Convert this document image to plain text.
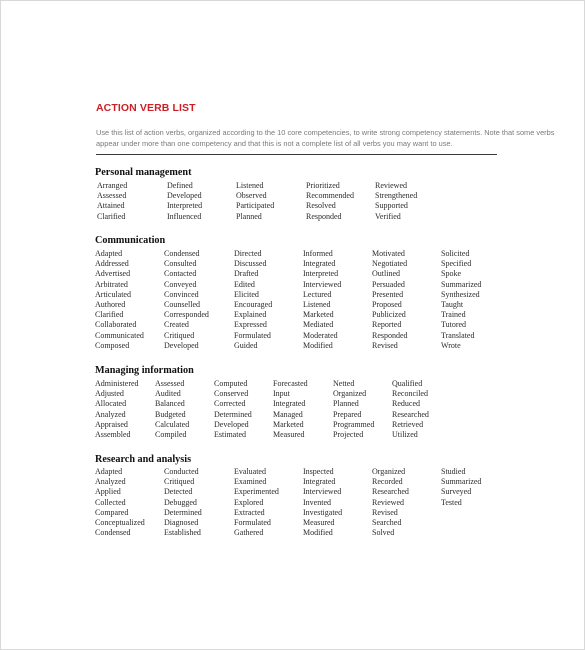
ACTION VERB LIST
Use this list of action verbs, organized according to the 10 core competencies, to write strong competency statements. Note that some verbs
appear under more than one competency and that this is not a complete list of all verbs you may want to use.
Personal management
Arranged
Assessed
Attained
Clarified
Defined
Developed
Interpreted
Influenced
Listened
Observed
Participated
Planned
Prioritized
Recommended
Resolved
Responded
Reviewed
Strengthened
Supported
Verified
Communication
Adapted
Addressed
Advertised
Arbitrated
Articulated
Authored
Clarified
Collaborated
Communicated
Composed
Condensed
Consulted
Contacted
Conveyed
Convinced
Counselled
Corresponded
Created
Critiqued
Developed
Directed
Discussed
Drafted
Edited
Elicited
Encouraged
Explained
Expressed
Formulated
Guided
Informed
Integrated
Interpreted
Interviewed
Lectured
Listened
Marketed
Mediated
Moderated
Modified
Motivated
Negotiated
Outlined
Persuaded
Presented
Proposed
Publicized
Reported
Responded
Revised
Solicited
Specified
Spoke
Summarized
Synthesized
Taught
Trained
Tutored
Translated
Wrote
Managing information
Administered
Adjusted
Allocated
Analyzed
Appraised
Assembled
Assessed
Audited
Balanced
Budgeted
Calculated
Compiled
Computed
Conserved
Corrected
Determined
Developed
Estimated
Forecasted
Input
Integrated
Managed
Marketed
Measured
Netted
Organized
Planned
Prepared
Programmed
Projected
Qualified
Reconciled
Reduced
Researched
Retrieved
Utilized
Research and analysis
Adapted
Analyzed
Applied
Collected
Compared
Conceptualized
Condensed
Conducted
Critiqued
Detected
Debugged
Determined
Diagnosed
Established
Evaluated
Examined
Experimented
Explored
Extracted
Formulated
Gathered
Inspected
Integrated
Interviewed
Invented
Investigated
Measured
Modified
Organized
Recorded
Researched
Reviewed
Revised
Searched
Solved
Studied
Summarized
Surveyed
Tested
